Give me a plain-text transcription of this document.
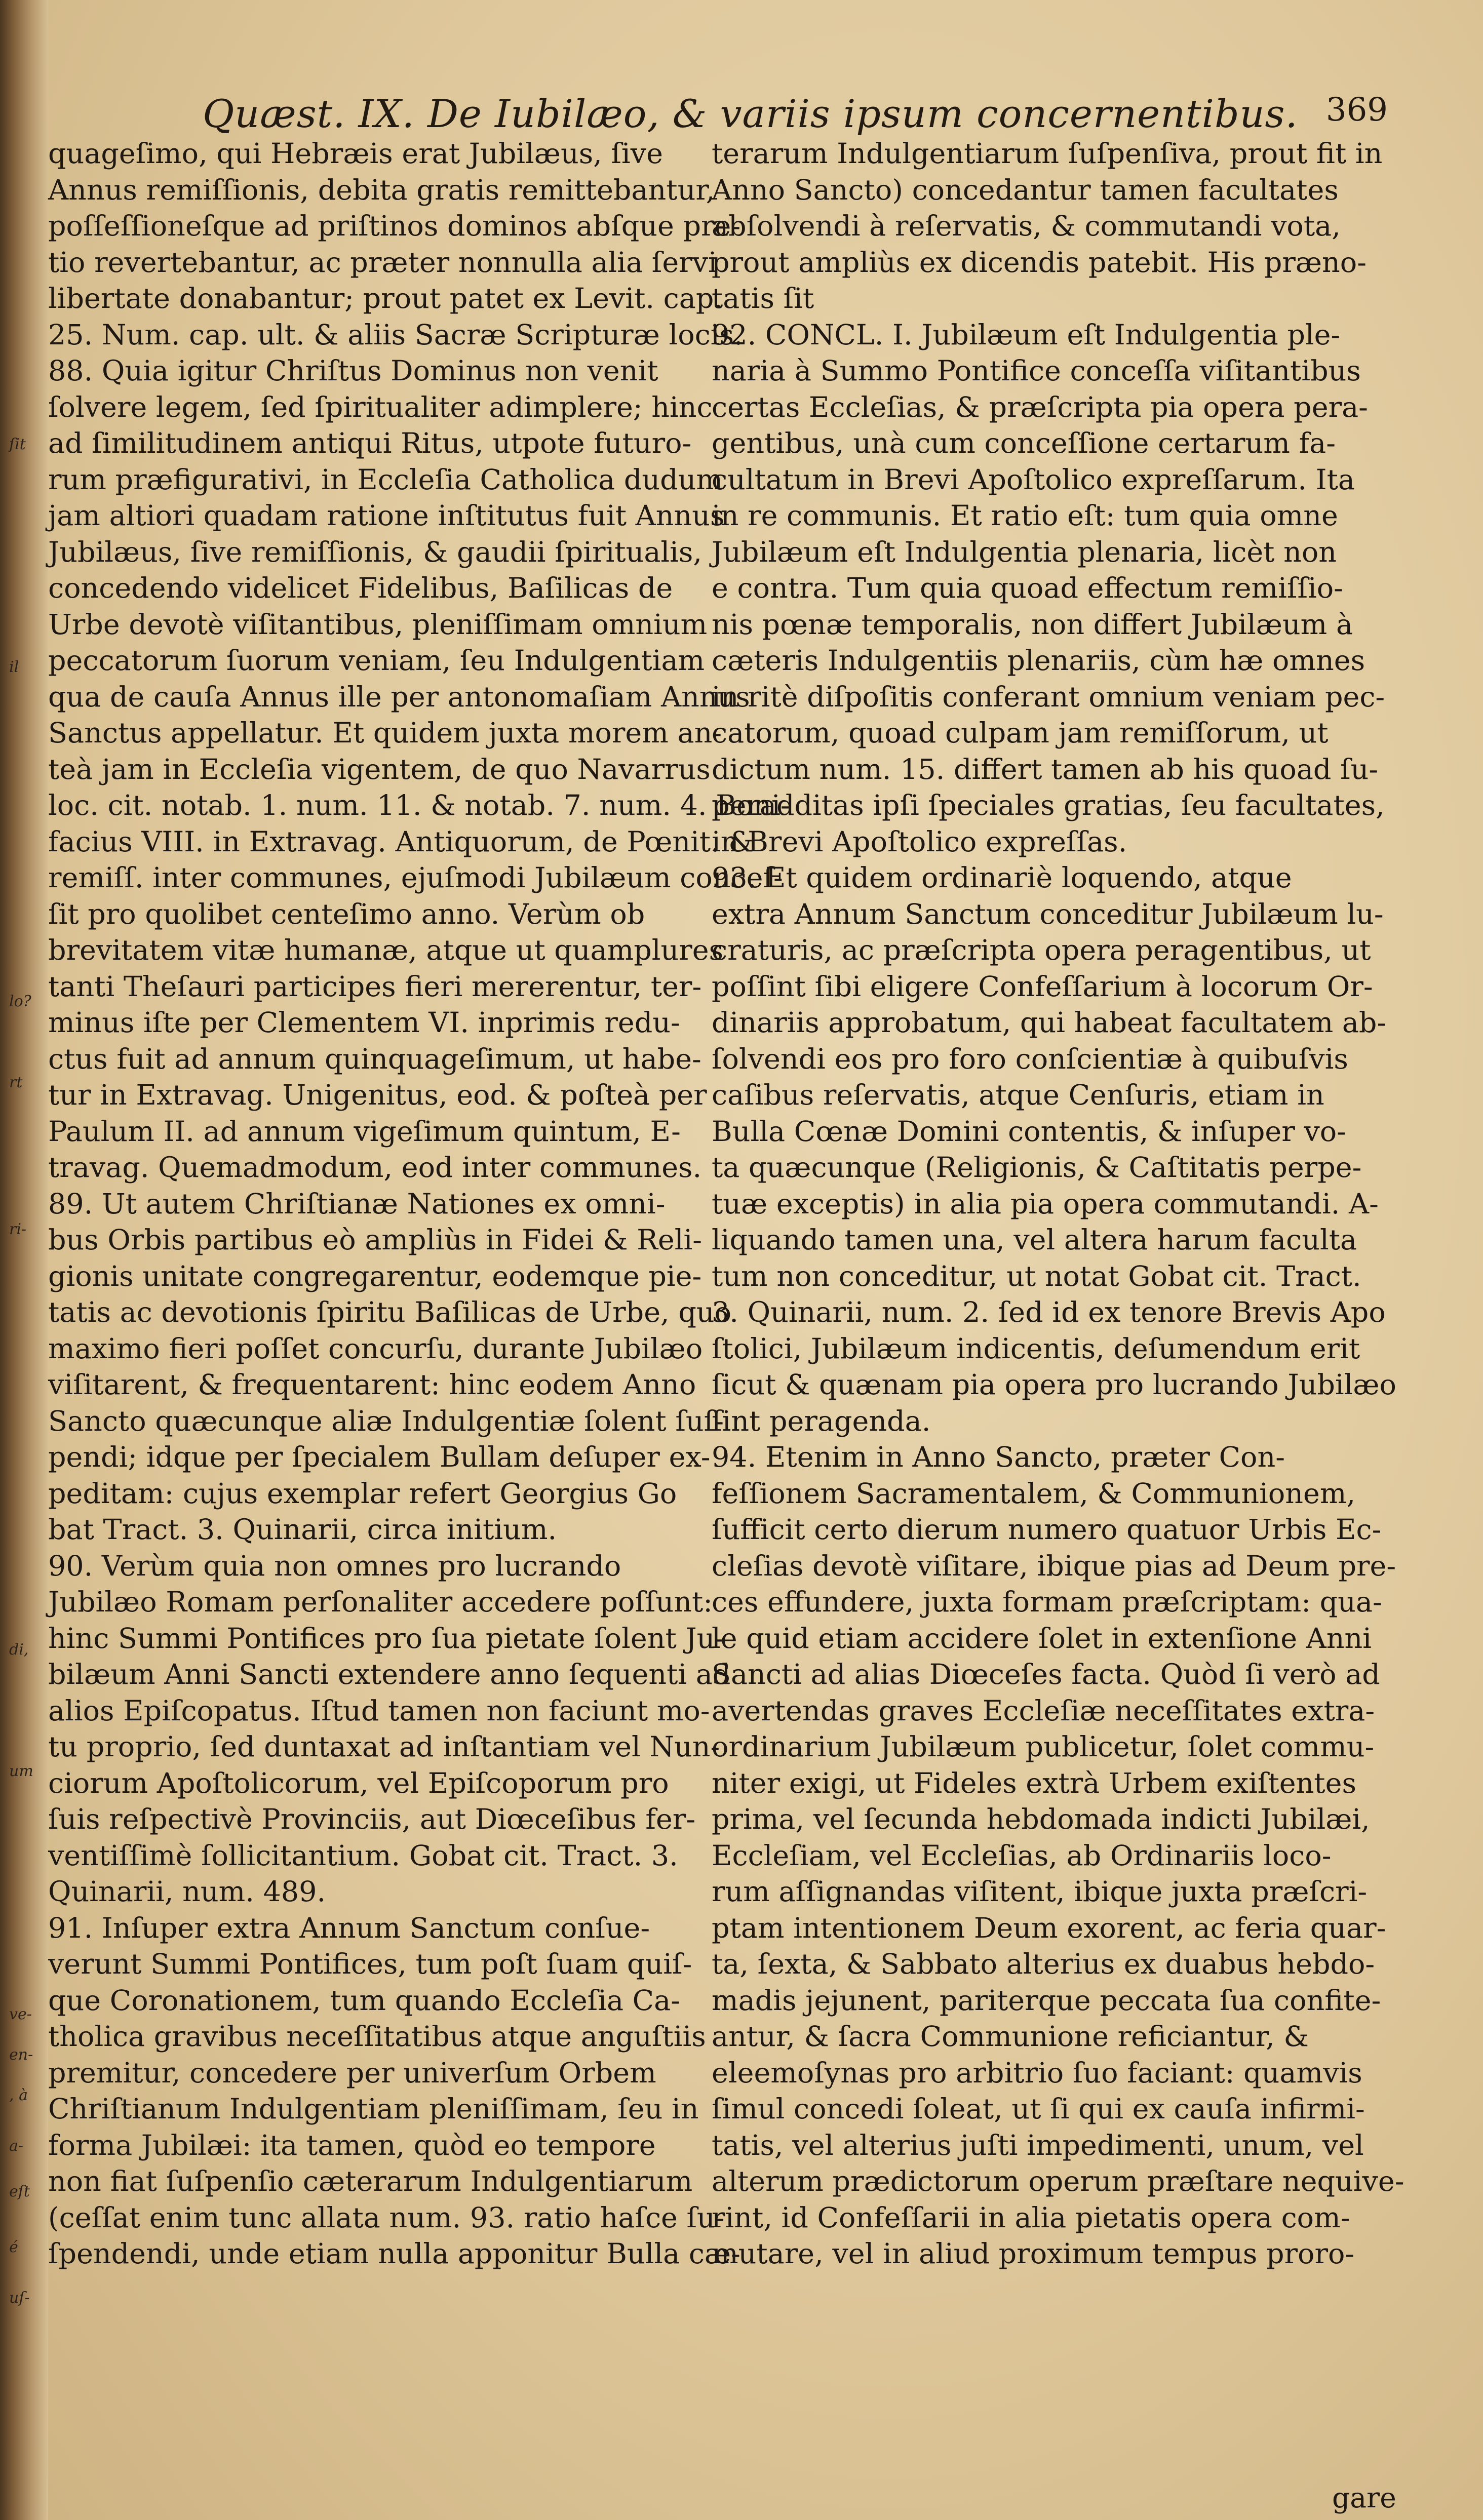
ſit
il
lo?
rt
ri-
di,
um
ve-
en-
, à
a-
eſt
é
uſ-
Quæst. IX. De Iubilæo, & variis ipsum concernentibus. 369
quageſimo, qui Hebræis erat Jubilæus, ſive
Annus remiſſionis, debita gratis remittebantur,
poſſeſſioneſque ad priſtinos dominos abſque pre-
tio revertebantur, ac præter nonnulla alia ſervi
libertate donabantur; prout patet ex Levit. cap.
25. Num. cap. ult. & aliis Sacræ Scripturæ locis.
88. Quia igitur Chriſtus Dominus non venit
ſolvere legem, ſed ſpiritualiter adimplere; hinc
ad ſimilitudinem antiqui Ritus, utpote futuro-
rum præfigurativi, in Eccleſia Catholica dudum
jam altiori quadam ratione inſtitutus fuit Annus
Jubilæus, ſive remiſſionis, & gaudii ſpiritualis,
concedendo videlicet Fidelibus, Baſilicas de
Urbe devotè viſitantibus, pleniſſimam omnium
peccatorum ſuorum veniam, ſeu Indulgentiam
qua de cauſa Annus ille per antonomaſiam Annus
Sanctus appellatur. Et quidem juxta morem an-
teà jam in Eccleſia vigentem, de quo Navarrus
loc. cit. notab. 1. num. 11. & notab. 7. num. 4. Boni-
facius VIII. in Extravag. Antiquorum, de Pœnit. &
remiſſ. inter communes, ejuſmodi Jubilæum conceſ-
ſit pro quolibet centeſimo anno. Verùm ob
brevitatem vitæ humanæ, atque ut quamplures
tanti Theſauri participes fieri mererentur, ter-
minus iſte per Clementem VI. inprimis redu-
ctus fuit ad annum quinquageſimum, ut habe-
tur in Extravag. Unigenitus, eod. & poſteà per
Paulum II. ad annum vigeſimum quintum, E-
travag. Quemadmodum, eod inter communes.
89. Ut autem Chriſtianæ Nationes ex omni-
bus Orbis partibus eò ampliùs in Fidei & Reli-
gionis unitate congregarentur, eodemque pie-
tatis ac devotionis ſpiritu Baſilicas de Urbe, quo
maximo fieri poſſet concurſu, durante Jubilæo
viſitarent, & frequentarent: hinc eodem Anno
Sancto quæcunque aliæ Indulgentiæ ſolent ſuſ-
pendi; idque per ſpecialem Bullam deſuper ex-
peditam: cujus exemplar refert Georgius Go
bat Tract. 3. Quinarii, circa initium.
90. Verùm quia non omnes pro lucrando
Jubilæo Romam perſonaliter accedere poſſunt:
hinc Summi Pontifices pro ſua pietate ſolent Ju-
bilæum Anni Sancti extendere anno ſequenti ad
alios Epiſcopatus. Iſtud tamen non faciunt mo-
tu proprio, ſed duntaxat ad inſtantiam vel Nun-
ciorum Apoſtolicorum, vel Epiſcoporum pro
ſuis reſpectivè Provinciis, aut Diœceſibus fer-
ventiſſimè ſollicitantium. Gobat cit. Tract. 3.
Quinarii, num. 489.
91. Inſuper extra Annum Sanctum conſue-
verunt Summi Pontifices, tum poſt ſuam quiſ-
que Coronationem, tum quando Eccleſia Ca-
tholica gravibus neceſſitatibus atque anguſtiis
premitur, concedere per univerſum Orbem
Chriſtianum Indulgentiam pleniſſimam, ſeu in
forma Jubilæi: ita tamen, quòd eo tempore
non fiat ſuſpenſio cæterarum Indulgentiarum
(ceſſat enim tunc allata num. 93. ratio haſce ſu-
ſpendendi, unde etiam nulla apponitur Bulla cæ-
terarum Indulgentiarum ſuſpenſiva, prout fit in
Anno Sancto) concedantur tamen facultates
abſolvendi à reſervatis, & commutandi vota,
prout ampliùs ex dicendis patebit. His præno-
tatis ſit
92. CONCL. I. Jubilæum eſt Indulgentia ple-
naria à Summo Pontifice conceſſa viſitantibus
certas Eccleſias, & præſcripta pia opera pera-
gentibus, unà cum conceſſione certarum fa-
cultatum in Brevi Apoſtolico expreſſarum. Ita
in re communis. Et ratio eſt: tum quia omne
Jubilæum eſt Indulgentia plenaria, licèt non
e contra. Tum quia quoad effectum remiſſio-
nis pœnæ temporalis, non differt Jubilæum à
cæteris Indulgentiis plenariis, cùm hæ omnes
in ritè diſpoſitis conferant omnium veniam pec-
catorum, quoad culpam jam remiſſorum, ut
dictum num. 15. differt tamen ab his quoad ſu-
peradditas ipſi ſpeciales gratias, ſeu facultates,
in Brevi Apoſtolico expreſſas.
93. Et quidem ordinariè loquendo, atque
extra Annum Sanctum conceditur Jubilæum lu-
craturis, ac præſcripta opera peragentibus, ut
poſſint ſibi eligere Confeſſarium à locorum Or-
dinariis approbatum, qui habeat facultatem ab-
ſolvendi eos pro foro conſcientiæ à quibuſvis
caſibus reſervatis, atque Cenſuris, etiam in
Bulla Cœnæ Domini contentis, & inſuper vo-
ta quæcunque (Religionis, & Caſtitatis perpe-
tuæ exceptis) in alia pia opera commutandi. A-
liquando tamen una, vel altera harum facultа
tum non conceditur, ut notat Gobat cit. Tract.
3. Quinarii, num. 2. ſed id ex tenore Brevis Apo
ſtolici, Jubilæum indicentis, deſumendum erit
ſicut & quænam pia opera pro lucrando Jubilæo
ſint peragenda.
94. Etenim in Anno Sancto, præter Con-
feſſionem Sacramentalem, & Communionem,
ſufficit certo dierum numero quatuor Urbis Ec-
cleſias devotè viſitare, ibique pias ad Deum pre-
ces effundere, juxta formam præſcriptam: qua-
le quid etiam accidere ſolet in extenſione Anni
Sancti ad alias Diœceſes facta. Quòd ſi verò ad
avertendas graves Eccleſiæ neceſſitates extra-
ordinarium Jubilæum publicetur, ſolet commu-
niter exigi, ut Fideles extrà Urbem exiſtentes
prima, vel ſecunda hebdomada indicti Jubilæi,
Eccleſiam, vel Eccleſias, ab Ordinariis loco-
rum aſſignandas viſitent, ibique juxta præſcri-
ptam intentionem Deum exorent, ac feria quar-
ta, ſexta, & Sabbato alterius ex duabus hebdo-
madis jejunent, pariterque peccata ſua confite-
antur, & ſacra Communione reficiantur, &
eleemoſynas pro arbitrio ſuo faciant: quamvis
ſimul concedi ſoleat, ut ſi qui ex cauſa infirmi-
tatis, vel alterius juſti impedimenti, unum, vel
alterum prædictorum operum præſtare nequive-
rint, id Confeſſarii in alia pietatis opera com-
mutare, vel in aliud proximum tempus proro-
gare
